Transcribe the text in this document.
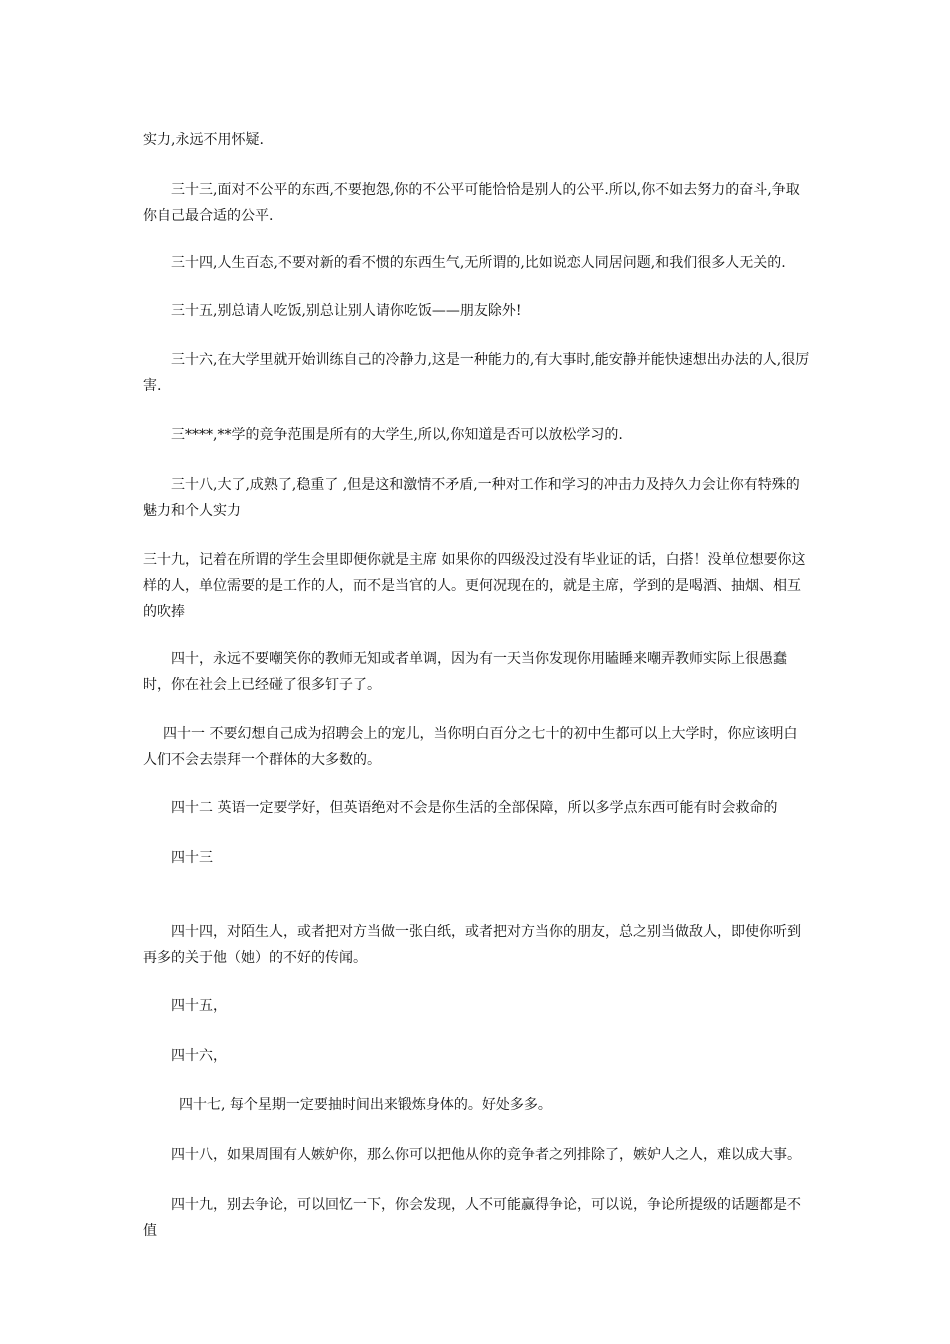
实力,永远不用怀疑.

三十三,面对不公平的东西,不要抱怨,你的不公平可能恰恰是别人的公平.所以,你不如去努力的奋斗,争取你自己最合适的公平.

三十四,人生百态,不要对新的看不惯的东西生气,无所谓的,比如说恋人同居问题,和我们很多人无关的.

三十五,别总请人吃饭,别总让别人请你吃饭——朋友除外!

三十六,在大学里就开始训练自己的冷静力,这是一种能力的,有大事时,能安静并能快速想出办法的人,很厉害.

三****,**学的竞争范围是所有的大学生,所以,你知道是否可以放松学习的.

三十八,大了,成熟了,稳重了 ,但是这和激情不矛盾,一种对工作和学习的冲击力及持久力会让你有特殊的魅力和个人实力

三十九，记着在所谓的学生会里即便你就是主席 如果你的四级没过没有毕业证的话，白搭！没单位想要你这样的人，单位需要的是工作的人，而不是当官的人。更何况现在的，就是主席，学到的是喝酒、抽烟、相互的吹捧

四十，永远不要嘲笑你的教师无知或者单调，因为有一天当你发现你用瞌睡来嘲弄教师实际上很愚蠢时，你在社会上已经碰了很多钉子了。

四十一 不要幻想自己成为招聘会上的宠儿，当你明白百分之七十的初中生都可以上大学时，你应该明白人们不会去崇拜一个群体的大多数的。

四十二 英语一定要学好，但英语绝对不会是你生活的全部保障，所以多学点东西可能有时会救命的

四十三

四十四，对陌生人，或者把对方当做一张白纸，或者把对方当你的朋友，总之别当做敌人，即使你听到再多的关于他（她）的不好的传闻。

四十五，

四十六，

四十七, 每个星期一定要抽时间出来锻炼身体的。好处多多。

四十八，如果周围有人嫉妒你，那么你可以把他从你的竞争者之列排除了，嫉妒人之人，难以成大事。

四十九，别去争论，可以回忆一下，你会发现，人不可能赢得争论，可以说，争论所提级的话题都是不值
